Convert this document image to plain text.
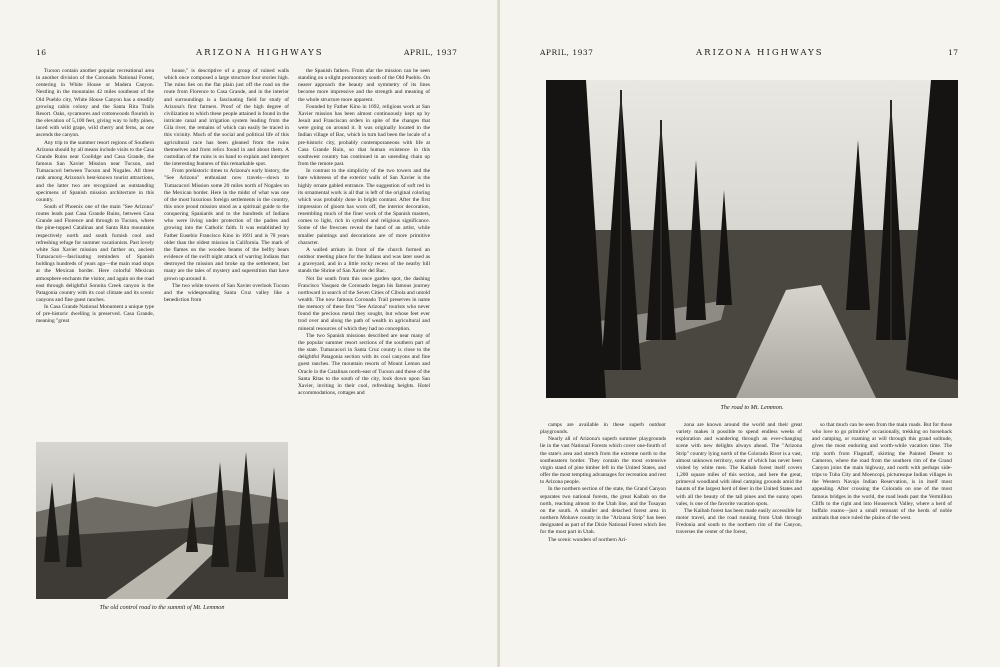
16	ARIZONA HIGHWAYS	APRIL, 1937

Tucson contain another popular recreational area in another division of the Coronado National Forest, centering in White House or Madera Canyon. Nestling in the mountains 42 miles southeast of the Old Pueblo city, White House Canyon has a steadily growing cabin colony and the Santa Rita Trails Resort. Oaks, sycamores and cottonwoods flourish in the elevation of 5,100 feet, giving way to lofty pines, laced with wild grape, wild cherry and ferns, as one ascends the canyon.

Any trip to the summer resort regions of Southern Arizona should by all means include visits to the Casa Grande Ruins near Coolidge and Casa Grande, the famous San Xavier Mission near Tucson, and Tumacacori between Tucson and Nogales. All three rank among Arizona's best-known tourist attractions, and the latter two are recognized as outstanding specimens of Spanish mission architecture in this country.

South of Phoenix one of the main "See Arizona" routes leads past Casa Grande Ruins, between Casa Grande and Florence and through to Tucson, where the pine-topped Catalinas and Santa Rita mountains respectively north and south furnish cool and refreshing refuge for summer vacationists. Past lovely white San Xavier mission and farther on, ancient Tumacacori—fascinating reminders of Spanish holdings hundreds of years ago—the main road stops at the Mexican border. Here colorful Mexican atmosphere enchants the visitor, and again on the road east through delightful Sonoita Creek canyon is the Patagonia country with its cool climate and its scenic canyons and fine guest ranches.

In Casa Grande National Monument a unique type of pre-historic dwelling is preserved. Casa Grande, meaning "great

house," is descriptive of a group of ruined walls which once composed a large structure four stories high. The ruins lies on the flat plain just off the road on the route from Florence to Casa Grande, and in the interior and surroundings is a fascinating field for study of Arizona's first farmers. Proof of the high degree of civilization to which these people attained is found in the intricate canal and irrigation system leading from the Gila river, the remains of which can easily be traced in this vicinity. Much of the social and political life of this agricultural race has been gleaned from the ruins themselves and from relics found in and about them. A custodian of the ruins is on hand to explain and interpret the interesting features of this remarkable spot.

From prehistoric times to Arizona's early history, the "See Arizona" enthusiast now travels—down to Tumacacori Mission some 20 miles north of Nogales on the Mexican border. Here in the midst of what was one of the most luxurious foreign settlements in the country, this once proud mission stood as a spiritual guide to the conquering Spaniards and to the hundreds of Indians who were living under protection of the padres and growing into the Catholic faith. It was established by Father Eusebio Francisco Kino in 1691 and is 78 years older than the oldest mission in California. The mark of the flames on the wooden beams of the belfry bears evidence of the swift night attack of warring Indians that destroyed the mission and broke up the settlement, but many are the tales of mystery and superstition that have grown up around it.

The two white towers of San Xavier overlook Tucson and the widespreading Santa Cruz valley like a benediction from

the Spanish fathers. From afar the mission can be seen standing on a slight promontory south of the Old Pueblo. On nearer approach the beauty and symmetry of its lines become more impressive and the strength and meaning of the whole structure more apparent.

Founded by Father Kino in 1692, religious work at San Xavier mission has been almost continuously kept up by Jesuit and Franciscan orders in spite of the changes that were going on around it. It was originally located in the Indian village of Bac, which in turn had been the locale of a pre-historic city, probably contemporaneous with life at Casa Grande Ruin, so that human existence in this southwest country has continued in an unending chain up from the remote past.

In contrast to the simplicity of the two towers and the bare whiteness of the exterior walls of San Xavier is the highly ornate gabled entrance. The suggestion of soft red in its ornamental work is all that is left of the original coloring which was probably done in bright contrast. After the first impression of gloom has worn off, the interior decoration, resembling much of the finer work of the Spanish masters, comes to light, rich in symbol and religious significance. Some of the frescoes reveal the hand of an artist, while smaller paintings and decorations are of more primitive character.

A walled atrium in front of the church formed an outdoor meeting place for the Indians and was later used as a graveyard, and in a little rocky recess of the nearby hill stands the Shrine of San Xavier del Bac.

Not far south from this once garden spot, the dashing Francisco Vasquez de Coronado began his famous journey northward in search of the Seven Cities of Cibola and untold wealth. The now famous Coronado Trail preserves in name the memory of these first "See Arizona" tourists who never found the precious metal they sought, but whose feet ever trod over and along the path of wealth in agricultural and mineral resources of which they had no conception.

The two Spanish missions described are near many of the popular summer resort sections of the southern part of the state. Tumacacori in Santa Cruz county is close to the delightful Patagonia section with its cool canyons and fine guest ranches. The mountain resorts of Mount Lemon and Oracle in the Catalinas north-east of Tucson and those of the Santa Ritas to the south of the city, look down upon San Xavier, inviting in their cool, refreshing heights. Hotel accommodations, cottages and

The old control road to the summit of Mt. Lemmon
APRIL, 1937	ARIZONA HIGHWAYS	17
The road to Mt. Lemmon.

camps are available in these superb outdoor playgrounds.

Nearly all of Arizona's superb summer playgrounds lie in the vast National Forests which cover one-fourth of the state's area and stretch from the extreme north to the southeastern border. They contain the most extensive virgin stand of pine timber left in the United States, and offer the most tempting advantages for recreation and rest to Arizona people.

In the northern section of the state, the Grand Canyon separates two national forests, the great Kaibab on the north, reaching almost to the Utah line, and the Tusayan on the south. A smaller and detached forest area in northern Mohave county in the "Arizona Strip" has been designated as part of the Dixie National Forest which lies for the most part in Utah.

The scenic wonders of northern Ari-

zona are known around the world and their great variety makes it possible to spend endless weeks of exploration and wandering through an ever-changing scene with new delights always ahead. The "Arizona Strip" country lying north of the Colorado River is a vast, almost unknown territory, some of which has never been visited by white men. The Kaibab forest itself covers 1,200 square miles of this section, and here the great, primeval woodland with ideal camping grounds amid the haunts of the largest herd of deer in the United States and with all the beauty of the tall pines and the sunny open vales, is one of the favorite vacation spots.

The Kaibab forest has been made easily accessible for motor travel, and the road running from Utah through Fredonia and south to the northern rim of the Canyon, traverses the center of the forest,

so that much can be seen from the main roads. But for those who love to go primitive" occasionally, trekking on horseback and camping, or roaming at will through this grand solitude, gives the most enduring and worth-while vacation time. The trip north from Flagstaff, skirting the Painted Desert to Cameron, where the road from the southern rim of the Grand Canyon joins the main highway, and north with perhaps side-trips to Tuba City and Moencopi, picturesque Indian villages in the Western Navajo Indian Reservation, is in itself most appealing. After crossing the Colorado on one of the most famous bridges in the world, the road leads past the Vermillion Cliffs to the right and into Houserock Valley, where a herd of buffalo roams—just a small remnant of the herds of noble animals that once ruled the plains of the west.
